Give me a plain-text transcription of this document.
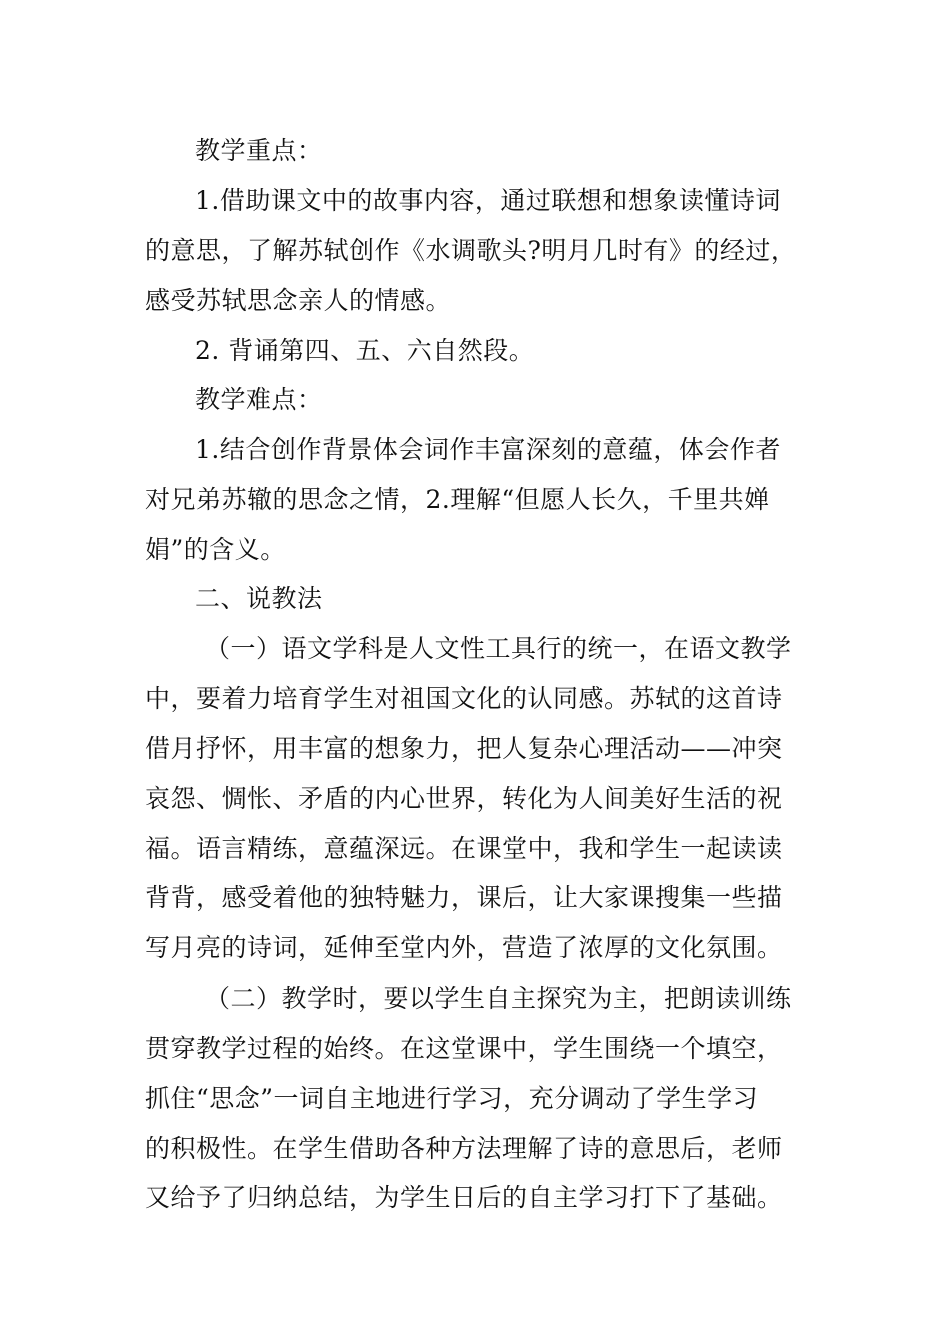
教学重点：
1.借助课文中的故事内容，通过联想和想象读懂诗词
的意思，了解苏轼创作《水调歌头?明月几时有》的经过，
感受苏轼思念亲人的情感。
2. 背诵第四、五、六自然段。
教学难点：
1.结合创作背景体会词作丰富深刻的意蕴，体会作者
对兄弟苏辙的思念之情，2.理解“但愿人长久，千里共婵
娟”的含义。
二、说教法
（一）语文学科是人文性工具行的统一，在语文教学
中，要着力培育学生对祖国文化的认同感。苏轼的这首诗
借月抒怀，用丰富的想象力，把人复杂心理活动——冲突
哀怨、惆怅、矛盾的内心世界，转化为人间美好生活的祝
福。语言精练，意蕴深远。在课堂中，我和学生一起读读
背背，感受着他的独特魅力，课后，让大家课搜集一些描
写月亮的诗词，延伸至堂内外，营造了浓厚的文化氛围。
（二）教学时，要以学生自主探究为主，把朗读训练
贯穿教学过程的始终。在这堂课中，学生围绕一个填空，
抓住“思念”一词自主地进行学习，充分调动了学生学习
的积极性。在学生借助各种方法理解了诗的意思后，老师
又给予了归纳总结，为学生日后的自主学习打下了基础。
